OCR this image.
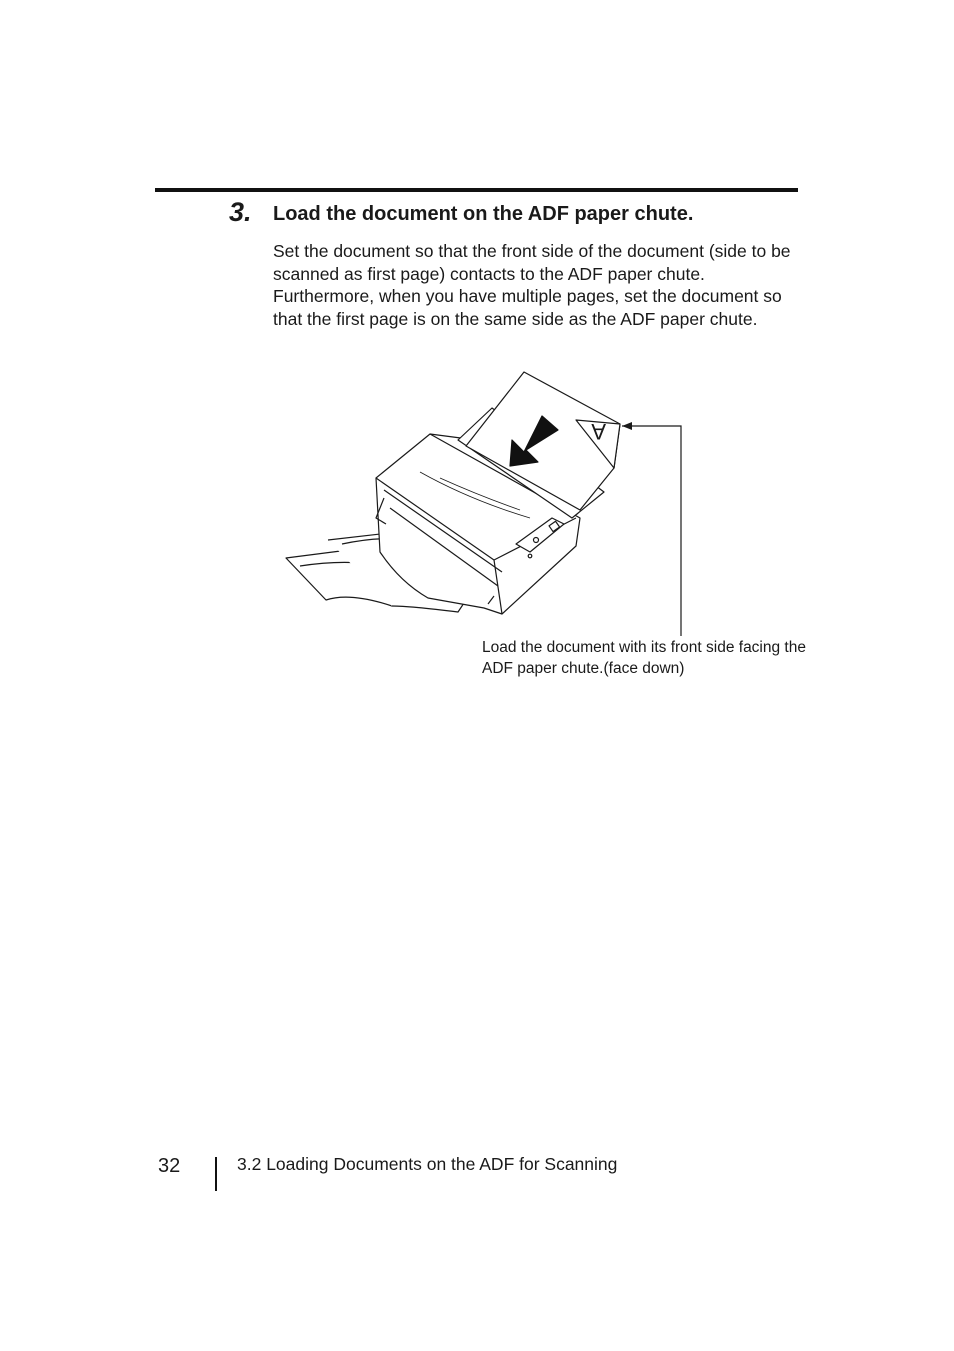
3. Load the document on the ADF paper chute.
Set the document so that the front side of the document (side to be scanned as first page) contacts to the ADF paper chute. Furthermore, when you have multiple pages, set the document so that the first page is on the same side as the ADF paper chute.
A
Load the document with its front side facing the ADF paper chute.(face down)
32	3.2 Loading Documents on the ADF for Scanning
